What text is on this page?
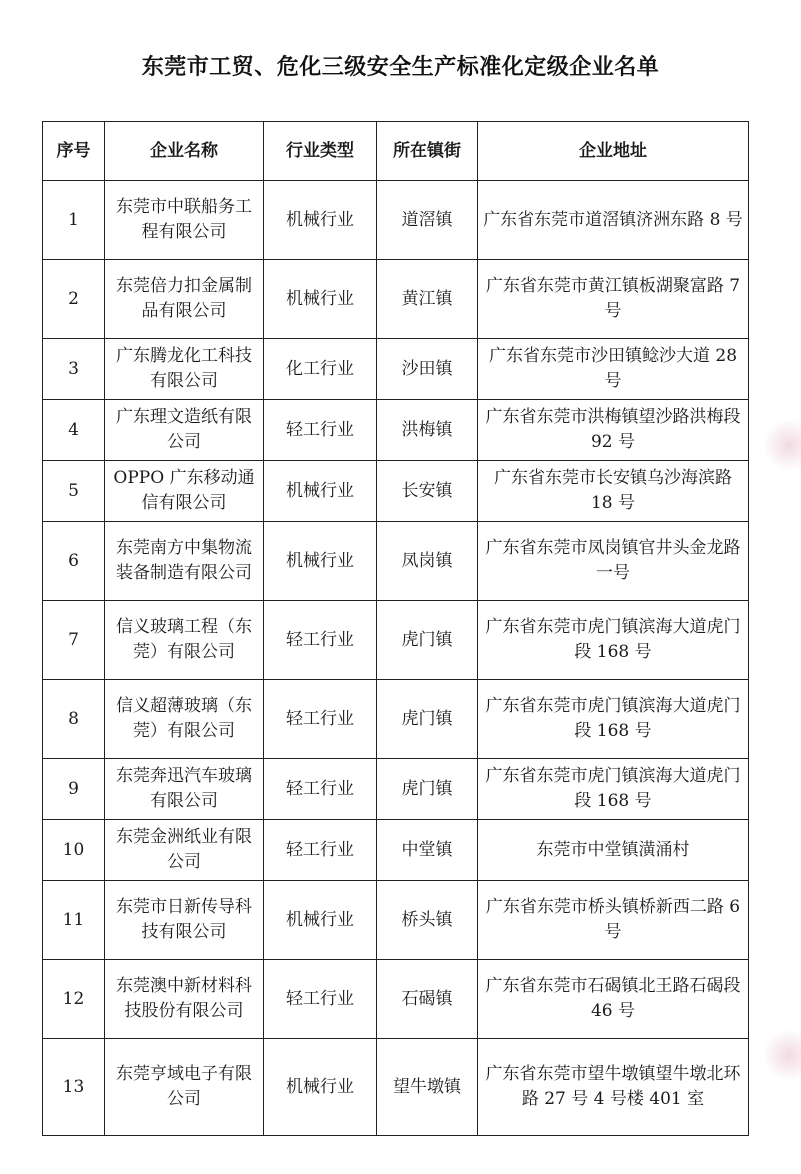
东莞市工贸、危化三级安全生产标准化定级企业名单
序号	企业名称	行业类型	所在镇街	企业地址
1	东莞市中联船务工程有限公司	机械行业	道滘镇	广东省东莞市道滘镇济洲东路 8 号
2	东莞倍力扣金属制品有限公司	机械行业	黄江镇	广东省东莞市黄江镇板湖聚富路 7 号
3	广东腾龙化工科技有限公司	化工行业	沙田镇	广东省东莞市沙田镇鲶沙大道 28 号
4	广东理文造纸有限公司	轻工行业	洪梅镇	广东省东莞市洪梅镇望沙路洪梅段 92 号
5	OPPO 广东移动通信有限公司	机械行业	长安镇	广东省东莞市长安镇乌沙海滨路 18 号
6	东莞南方中集物流装备制造有限公司	机械行业	凤岗镇	广东省东莞市凤岗镇官井头金龙路一号
7	信义玻璃工程（东莞）有限公司	轻工行业	虎门镇	广东省东莞市虎门镇滨海大道虎门段 168 号
8	信义超薄玻璃（东莞）有限公司	轻工行业	虎门镇	广东省东莞市虎门镇滨海大道虎门段 168 号
9	东莞奔迅汽车玻璃有限公司	轻工行业	虎门镇	广东省东莞市虎门镇滨海大道虎门段 168 号
10	东莞金洲纸业有限公司	轻工行业	中堂镇	东莞市中堂镇潢涌村
11	东莞市日新传导科技有限公司	机械行业	桥头镇	广东省东莞市桥头镇桥新西二路 6 号
12	东莞澳中新材料科技股份有限公司	轻工行业	石碣镇	广东省东莞市石碣镇北王路石碣段 46 号
13	东莞亨域电子有限公司	机械行业	望牛墩镇	广东省东莞市望牛墩镇望牛墩北环路 27 号 4 号楼 401 室
